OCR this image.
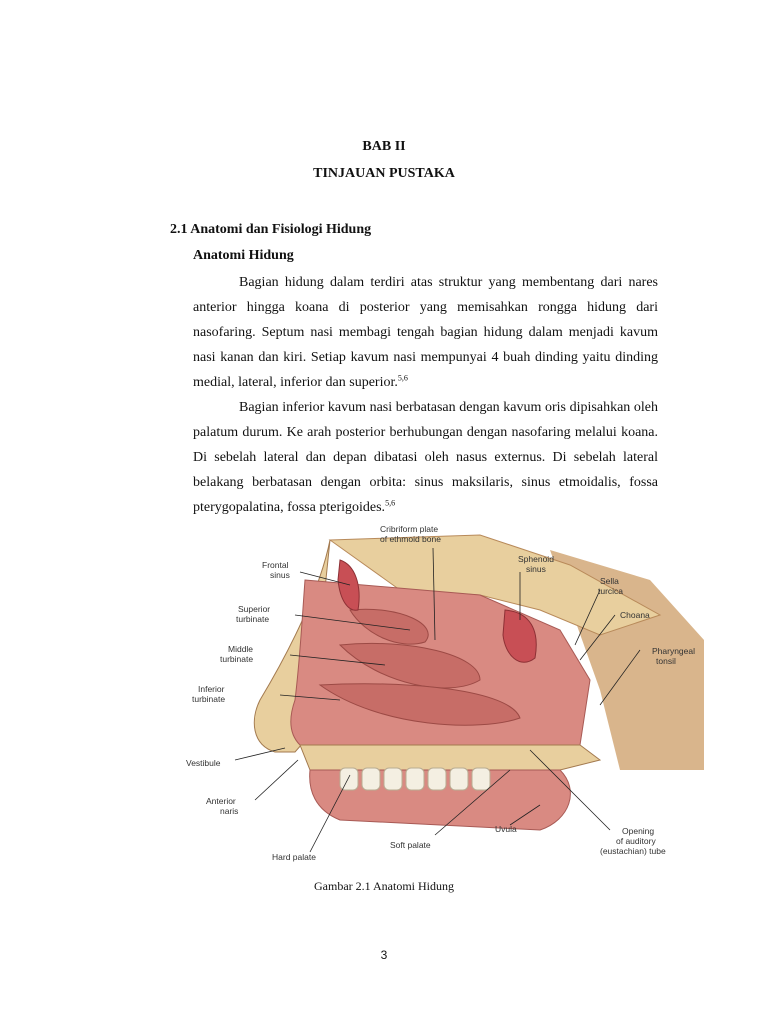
BAB II
TINJAUAN PUSTAKA
2.1 Anatomi dan Fisiologi Hidung
Anatomi Hidung

Bagian hidung dalam terdiri atas struktur yang membentang dari nares anterior hingga koana di posterior yang memisahkan rongga hidung dari nasofaring. Septum nasi membagi tengah bagian hidung dalam menjadi kavum nasi kanan dan kiri. Setiap kavum nasi mempunyai 4 buah dinding yaitu dinding medial, lateral, inferior dan superior.$^{5,6}$

Bagian inferior kavum nasi berbatasan dengan kavum oris dipisahkan oleh palatum durum. Ke arah posterior berhubungan dengan nasofaring melalui koana. Di sebelah lateral dan depan dibatasi oleh nasus externus. Di sebelah lateral belakang berbatasan dengan orbita: sinus maksilaris, sinus etmoidalis, fossa pterygopalatina, fossa pterigoides.$^{5,6}$

Cribriform plate
of ethmoid bone
Frontal
sinus
Superior
turbinate
Middle
turbinate
Inferior
turbinate
Vestibule
Anterior
naris
Hard palate
Soft palate
Uvula
Sphenoid
sinus
Sella
turcica
Choana
Pharyngeal
tonsil
Opening
of auditory
(eustachian) tube
Gambar 2.1 Anatomi Hidung
3
